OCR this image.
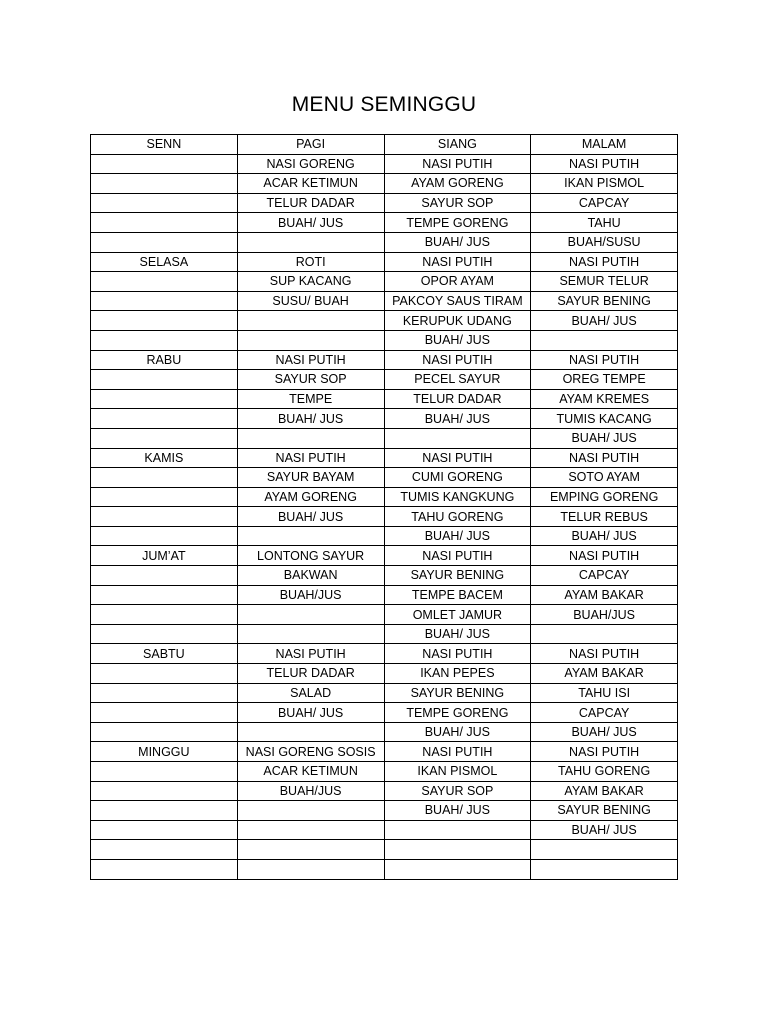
MENU SEMINGGU
SENN	PAGI	SIANG	MALAM
	NASI GORENG	NASI PUTIH	NASI PUTIH
	ACAR KETIMUN	AYAM GORENG	IKAN PISMOL
	TELUR DADAR	SAYUR SOP	CAPCAY
	BUAH/ JUS	TEMPE GORENG	TAHU
		BUAH/ JUS	BUAH/SUSU
SELASA	ROTI	NASI PUTIH	NASI PUTIH
	SUP KACANG	OPOR AYAM	SEMUR TELUR
	SUSU/ BUAH	PAKCOY SAUS TIRAM	SAYUR BENING
		KERUPUK UDANG	BUAH/ JUS
		BUAH/ JUS	
RABU	NASI PUTIH	NASI PUTIH	NASI PUTIH
	SAYUR SOP	PECEL SAYUR	OREG TEMPE
	TEMPE	TELUR DADAR	AYAM KREMES
	BUAH/ JUS	BUAH/ JUS	TUMIS KACANG
			BUAH/ JUS
KAMIS	NASI PUTIH	NASI PUTIH	NASI PUTIH
	SAYUR BAYAM	CUMI GORENG	SOTO AYAM
	AYAM GORENG	TUMIS KANGKUNG	EMPING GORENG
	BUAH/ JUS	TAHU GORENG	TELUR REBUS
		BUAH/ JUS	BUAH/ JUS
JUM’AT	LONTONG SAYUR	NASI PUTIH	NASI PUTIH
	BAKWAN	SAYUR BENING	CAPCAY
	BUAH/JUS	TEMPE BACEM	AYAM BAKAR
		OMLET JAMUR	BUAH/JUS
		BUAH/ JUS	
SABTU	NASI PUTIH	NASI PUTIH	NASI PUTIH
	TELUR DADAR	IKAN PEPES	AYAM BAKAR
	SALAD	SAYUR BENING	TAHU ISI
	BUAH/ JUS	TEMPE GORENG	CAPCAY
		BUAH/ JUS	BUAH/ JUS
MINGGU	NASI GORENG SOSIS	NASI PUTIH	NASI PUTIH
	ACAR KETIMUN	IKAN PISMOL	TAHU GORENG
	BUAH/JUS	SAYUR SOP	AYAM BAKAR
		BUAH/ JUS	SAYUR BENING
			BUAH/ JUS
